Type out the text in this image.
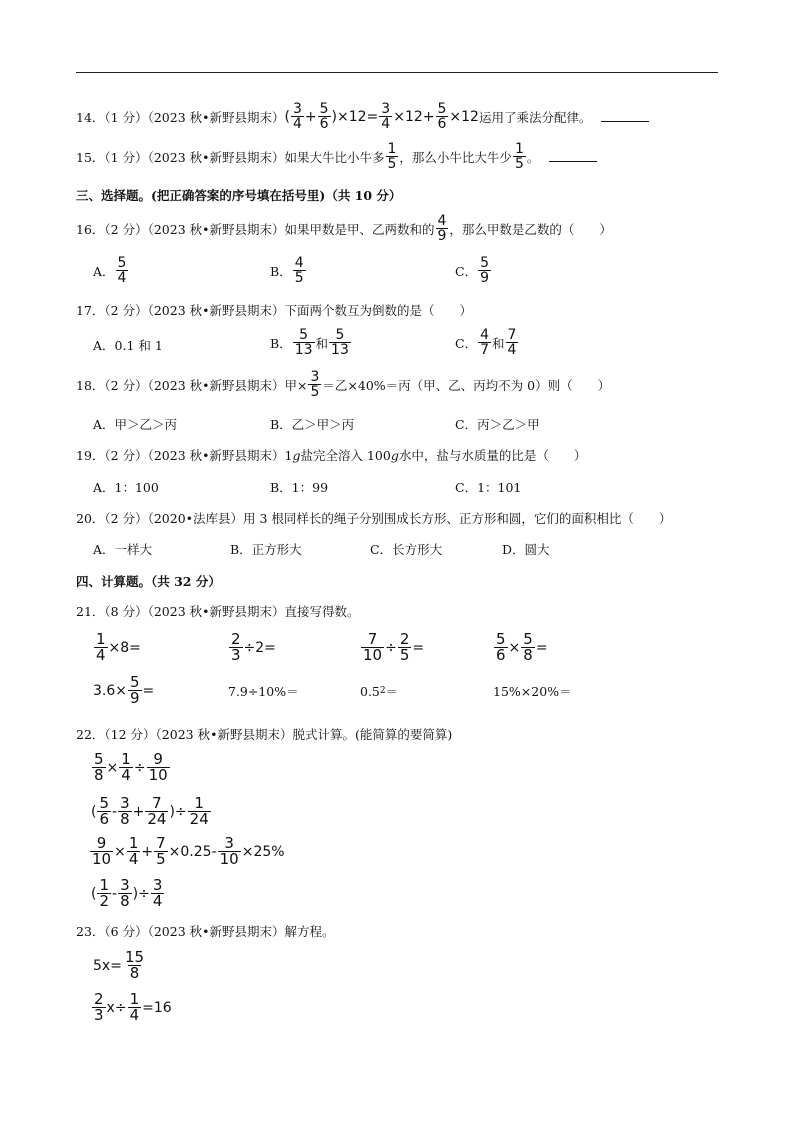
14．（1 分）（2023 秋•新野县期末） ( 3
$4 + \frac{5}{6} )\times 12= \frac{3}{4} \times 12+ \frac{5}{6} \times 12$ 运用了乘法分配律。
15．（1 分）（2023 秋•新野县期末）如果大牛比小牛多 1
5 ，那么小牛比大牛少 1
5 。
三、选择题。(把正确答案的序号填在括号里)（共 10 分）
16．（2 分）（2023 秋•新野县期末）如果甲数是甲、乙两数和的 4
9 ，那么甲数是乙数的（　　）
A． 5
4	B． 4
5	C． 5
9
17．（2 分）（2023 秋•新野县期末）下面两个数互为倒数的是（　　）
A．0.1 和 1	B． 5
13 和 5
13	C． 4
7 和 7
4
18．（2 分）（2023 秋•新野县期末）甲× $\frac{3}{5}$ ＝乙×40%＝丙（甲、乙、丙均不为 0）则（　　）
A．甲＞乙＞丙	B．乙＞甲＞丙	C．丙＞乙＞甲
19．（2 分）（2023 秋•新野县期末）1 g 盐完全溶入 100 g 水中，盐与水质量的比是（　　）
A．1：100	B．1：99	C．1：101
20．（2 分）（2020•法库县）用 3 根同样长的绳子分别围成长方形、正方形和圆，它们的面积相比（　　）
A．一样大	B．正方形大	C．长方形大	D．圆大
四、计算题。（共 32 分）
21．（8 分）（2023 秋•新野县期末）直接写得数。
$\frac{1}{4} \times 8=$	$\frac{2}{3} \div 2=$	$\frac{7}{10} \div \frac{2}{5}$ =	$\frac{5}{6} \times \frac{5}{8}$ =
$3.6\times \frac{5}{9}$ =	7.9÷10%＝	0.5 2 ＝	15%×20%＝
22．（12 分）（2023 秋•新野县期末）脱式计算。(能简算的要简算)
$\frac{5}{8} \times \frac{1}{4} \div \frac{9}{10}$
( 5
6 - 3
$8 + \frac{7}{24}$ )÷ $\frac{1}{24}$
$\frac{9}{10} \times \frac{1}{4} + \frac{7}{5} \times 0.25- \frac{3}{10} \times 25\%$
( 1
2 - 3
8 )÷ $\frac{3}{4}$
23．（6 分）（2023 秋•新野县期末）解方程。
$5x= \frac{15}{8}$
2
3 $x\div \frac{1}{4} =16$
